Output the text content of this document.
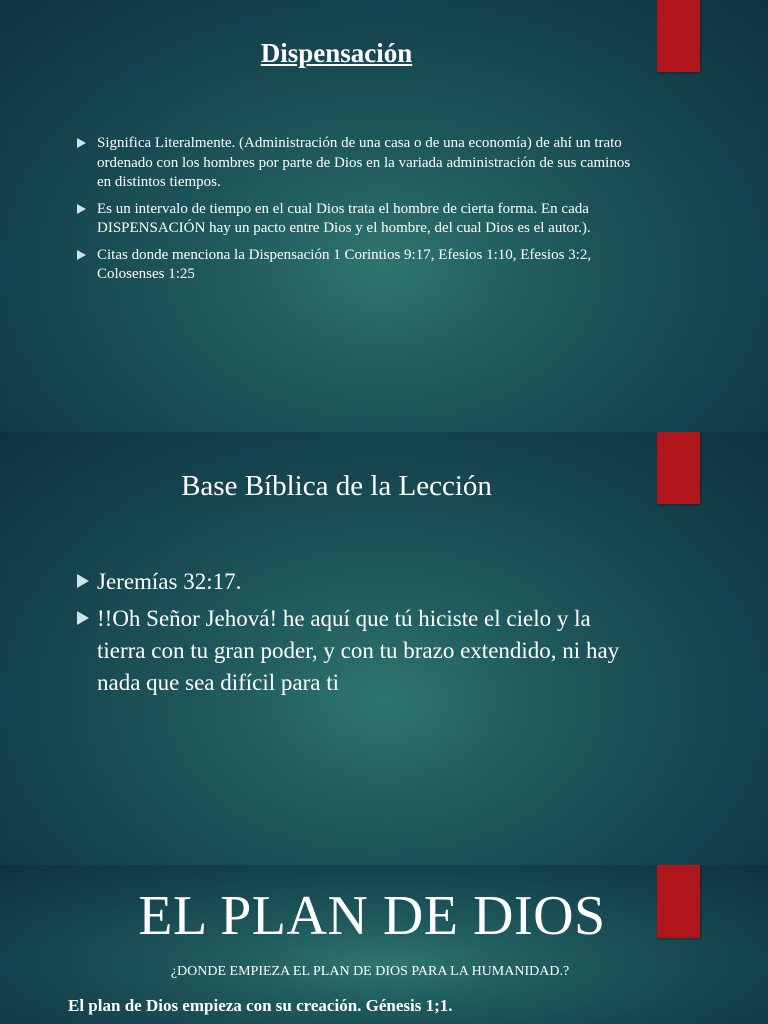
Dispensación
Significa Literalmente. (Administración de una casa o de una economía) de ahí un trato ordenado con los hombres por parte de Dios en la variada administración de sus caminos en distintos tiempos.
Es un intervalo de tiempo en el cual Dios trata el hombre de cierta forma. En cada DISPENSACIÓN hay un pacto entre Dios y el hombre, del cual Dios es el autor.).
Citas donde menciona la Dispensación 1 Corintios 9:17, Efesios 1:10, Efesios 3:2, Colosenses 1:25
Base Bíblica de la Lección
Jeremías 32:17.
!!Oh Señor Jehová! he aquí que tú hiciste el cielo y la tierra con tu gran poder, y con tu brazo extendido, ni hay nada que sea difícil para ti
EL PLAN DE DIOS
¿DONDE EMPIEZA EL PLAN DE DIOS PARA LA HUMANIDAD.?
El plan de Dios empieza con su creación. Génesis 1;1.
